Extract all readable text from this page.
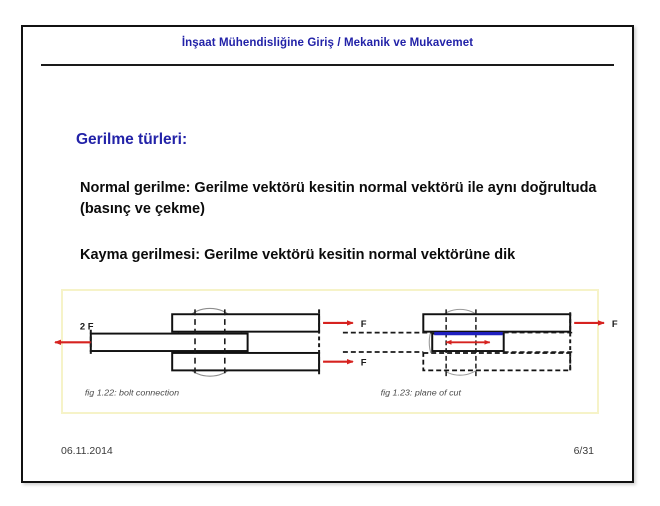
İnşaat Mühendisliğine Giriş / Mekanik ve Mukavemet
Gerilme türleri:
Normal gerilme: Gerilme vektörü kesitin normal vektörü ile aynı doğrultuda (basınç ve çekme)
Kayma gerilmesi: Gerilme vektörü kesitin normal vektörüne dik
2 F	F
F
fig 1.22: bolt connection
F
fig 1.23: plane of cut
06.11.2014	6/31
